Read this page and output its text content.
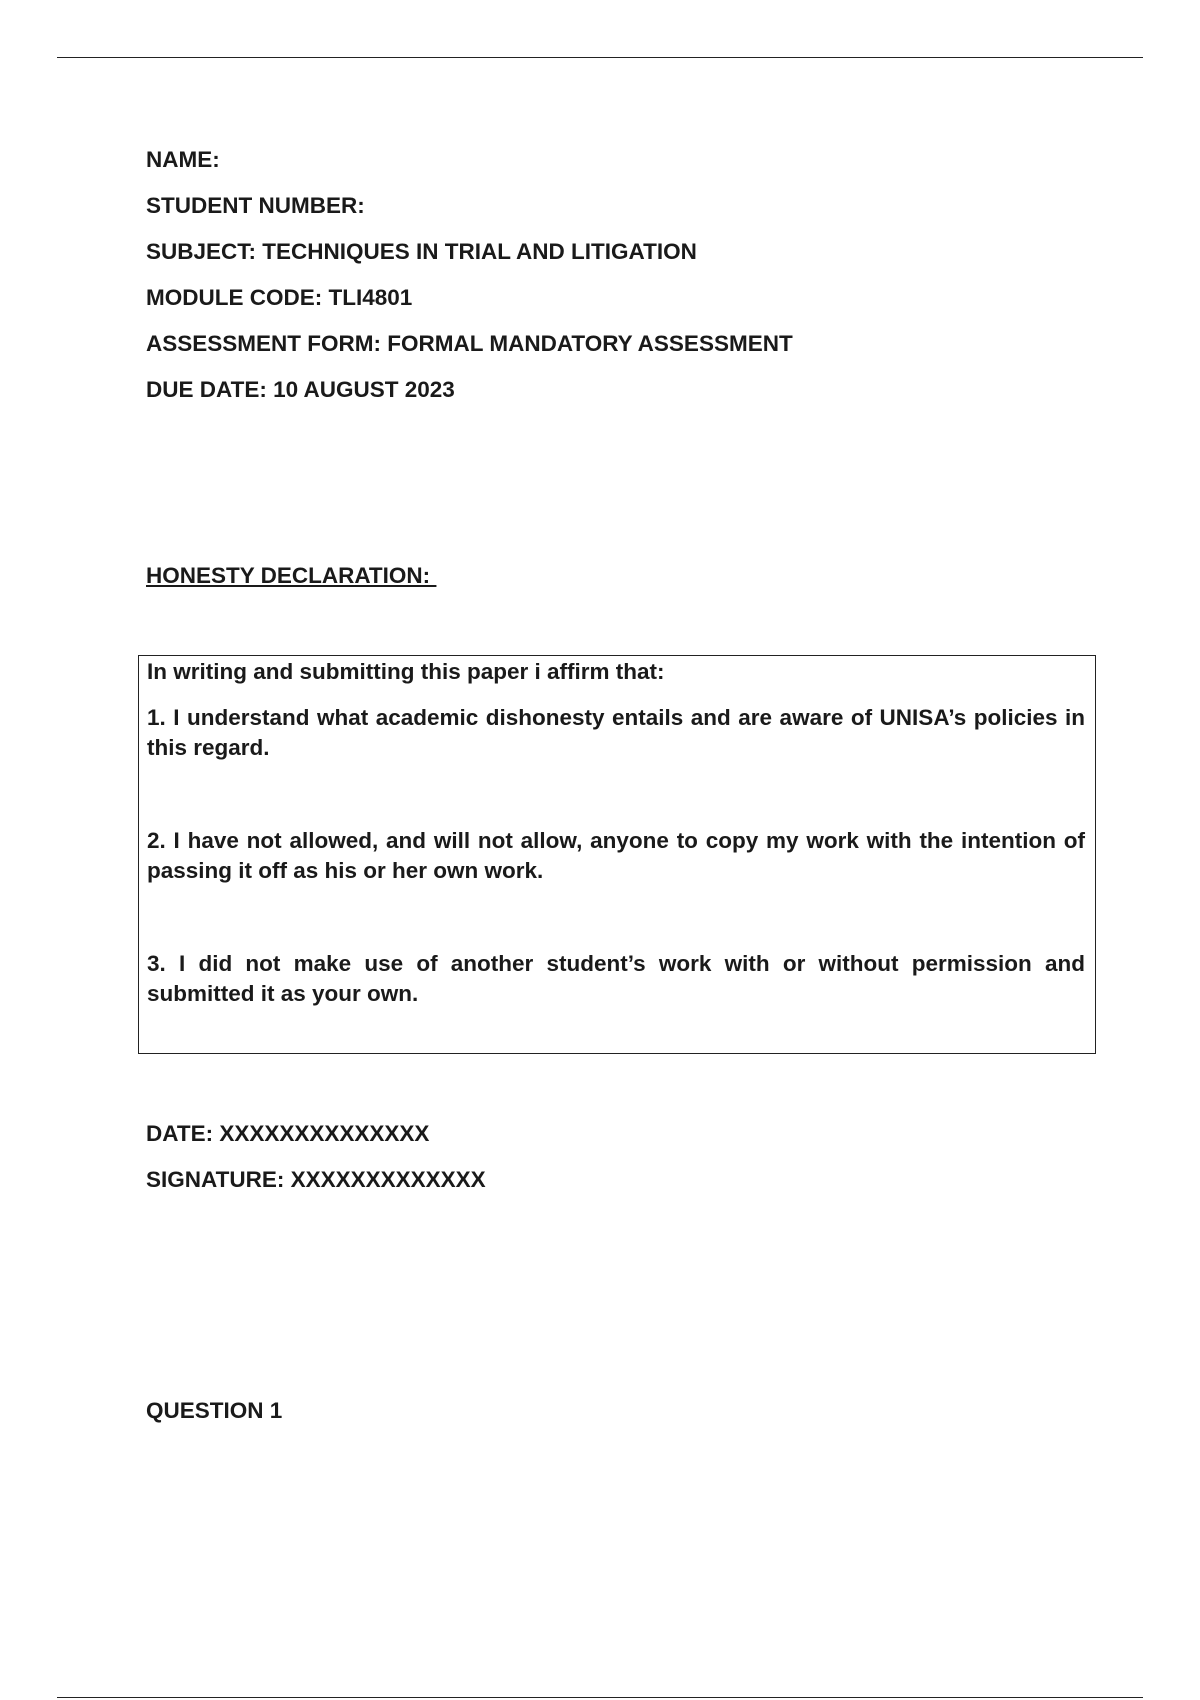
NAME:

STUDENT NUMBER:

SUBJECT: TECHNIQUES IN TRIAL AND LITIGATION

MODULE CODE: TLI4801

ASSESSMENT FORM: FORMAL MANDATORY ASSESSMENT

DUE DATE: 10 AUGUST 2023

HONESTY DECLARATION:

In writing and submitting this paper i affirm that:

1. I understand what academic dishonesty entails and are aware of UNISA’s policies in this regard.

2. I have not allowed, and will not allow, anyone to copy my work with the intention of passing it off as his or her own work.

3. I did not make use of another student’s work with or without permission and submitted it as your own.

DATE: XXXXXXXXXXXXXX

SIGNATURE: XXXXXXXXXXXXX

QUESTION 1
